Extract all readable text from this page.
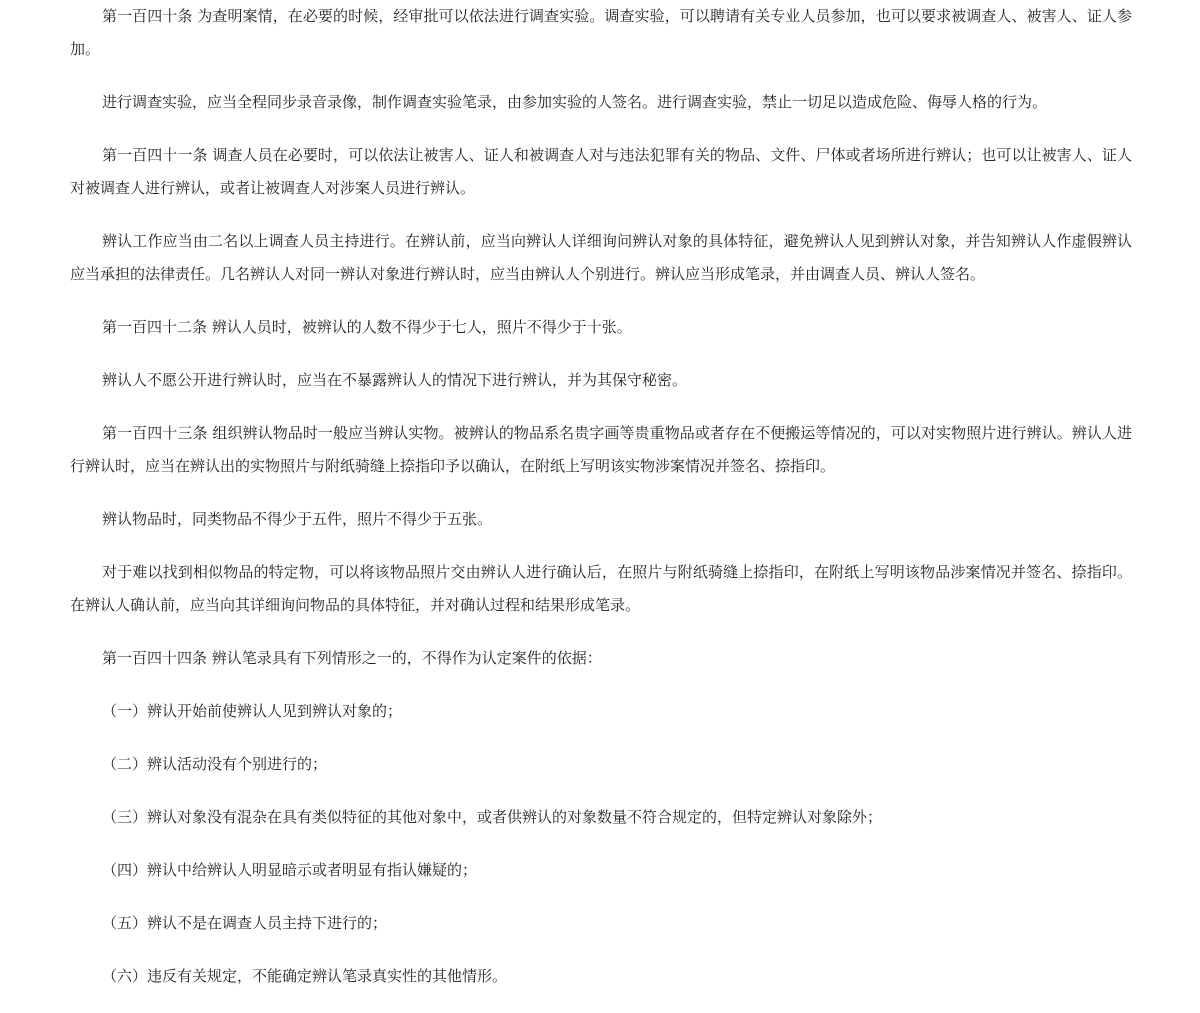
第一百四十条 为查明案情，在必要的时候，经审批可以依法进行调查实验。调查实验，可以聘请有关专业人员参加，也可以要求被调查人、被害人、证人参加。

进行调查实验，应当全程同步录音录像，制作调查实验笔录，由参加实验的人签名。进行调查实验，禁止一切足以造成危险、侮辱人格的行为。

第一百四十一条 调查人员在必要时，可以依法让被害人、证人和被调查人对与违法犯罪有关的物品、文件、尸体或者场所进行辨认；也可以让被害人、证人对被调查人进行辨认，或者让被调查人对涉案人员进行辨认。

辨认工作应当由二名以上调查人员主持进行。在辨认前，应当向辨认人详细询问辨认对象的具体特征，避免辨认人见到辨认对象，并告知辨认人作虚假辨认应当承担的法律责任。几名辨认人对同一辨认对象进行辨认时，应当由辨认人个别进行。辨认应当形成笔录，并由调查人员、辨认人签名。

第一百四十二条 辨认人员时，被辨认的人数不得少于七人，照片不得少于十张。

辨认人不愿公开进行辨认时，应当在不暴露辨认人的情况下进行辨认，并为其保守秘密。

第一百四十三条 组织辨认物品时一般应当辨认实物。被辨认的物品系名贵字画等贵重物品或者存在不便搬运等情况的，可以对实物照片进行辨认。辨认人进行辨认时，应当在辨认出的实物照片与附纸骑缝上捺指印予以确认，在附纸上写明该实物涉案情况并签名、捺指印。

辨认物品时，同类物品不得少于五件，照片不得少于五张。

对于难以找到相似物品的特定物，可以将该物品照片交由辨认人进行确认后，在照片与附纸骑缝上捺指印，在附纸上写明该物品涉案情况并签名、捺指印。在辨认人确认前，应当向其详细询问物品的具体特征，并对确认过程和结果形成笔录。

第一百四十四条 辨认笔录具有下列情形之一的，不得作为认定案件的依据：

（一）辨认开始前使辨认人见到辨认对象的；

（二）辨认活动没有个别进行的；

（三）辨认对象没有混杂在具有类似特征的其他对象中，或者供辨认的对象数量不符合规定的，但特定辨认对象除外；

（四）辨认中给辨认人明显暗示或者明显有指认嫌疑的；

（五）辨认不是在调查人员主持下进行的；

（六）违反有关规定，不能确定辨认笔录真实性的其他情形。
